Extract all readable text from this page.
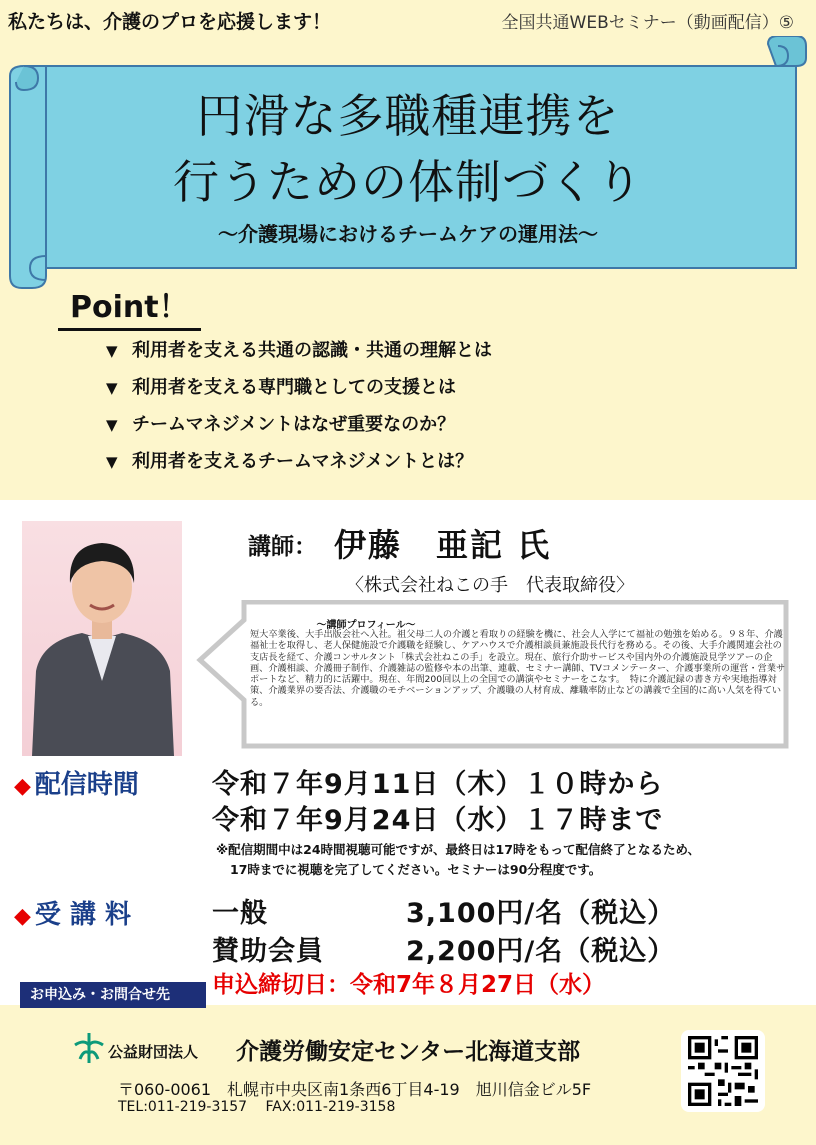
私たちは、介護のプロを応援します！	全国共通WEBセミナー（動画配信）⑤
円滑な多職種連携を
行うための体制づくり
〜介護現場におけるチームケアの運用法〜
Point！
▼ 利用者を支える共通の認識・共通の理解とは
▼ 利用者を支える専門職としての支援とは
▼ チームマネジメントはなぜ重要なのか？
▼ 利用者を支えるチームマネジメントとは？
講師： 伊藤　亜記 氏
〈株式会社ねこの手　代表取締役〉
〜講師プロフィール〜
短大卒業後、大手出版会社へ入社。祖父母二人の介護と看取りの経験を機に、社会人入学にて福祉の勉強を始める。９８年、介護福祉士を取得し、老人保健施設で介護職を経験し、ケアハウスで介護相談員兼施設長代行を務める。その後、大手介護関連会社の支店長を経て、介護コンサルタント「株式会社ねこの手」を設立。現在、旅行介助サービスや国内外の介護施設見学ツアーの企画、介護相談、介護冊子制作、介護雑誌の監修や本の出筆、連載、セミナー講師、TVコメンテーター、介護事業所の運営・営業サポートなど、精力的に活躍中。現在、年間200回以上の全国での講演やセミナーをこなす。　特に介護記録の書き方や実地指導対策、介護業界の要否法、介護職のモチベーションアップ、介護職の人材育成、離職率防止などの講義で全国的に高い人気を得ている。
◆ 配信時間	令和７年9月11日（木）１０時から
令和７年9月24日（水）１７時まで
※配信期間中は24時間視聴可能ですが、最終日は17時をもって配信終了となるため、
17時までに視聴を完了してください。セミナーは90分程度です。
◆ 受 講 料	一般	3,100円/名（税込）
賛助会員	2,200円/名（税込）
申込締切日：令和7年８月27日（水）
お申込み・お問合せ先
公益財団法人 介護労働安定センター北海道支部
〒060-0061　札幌市中央区南1条西6丁目4-19　旭川信金ビル5F
TEL:011-219-3157　 FAX:011-219-3158
